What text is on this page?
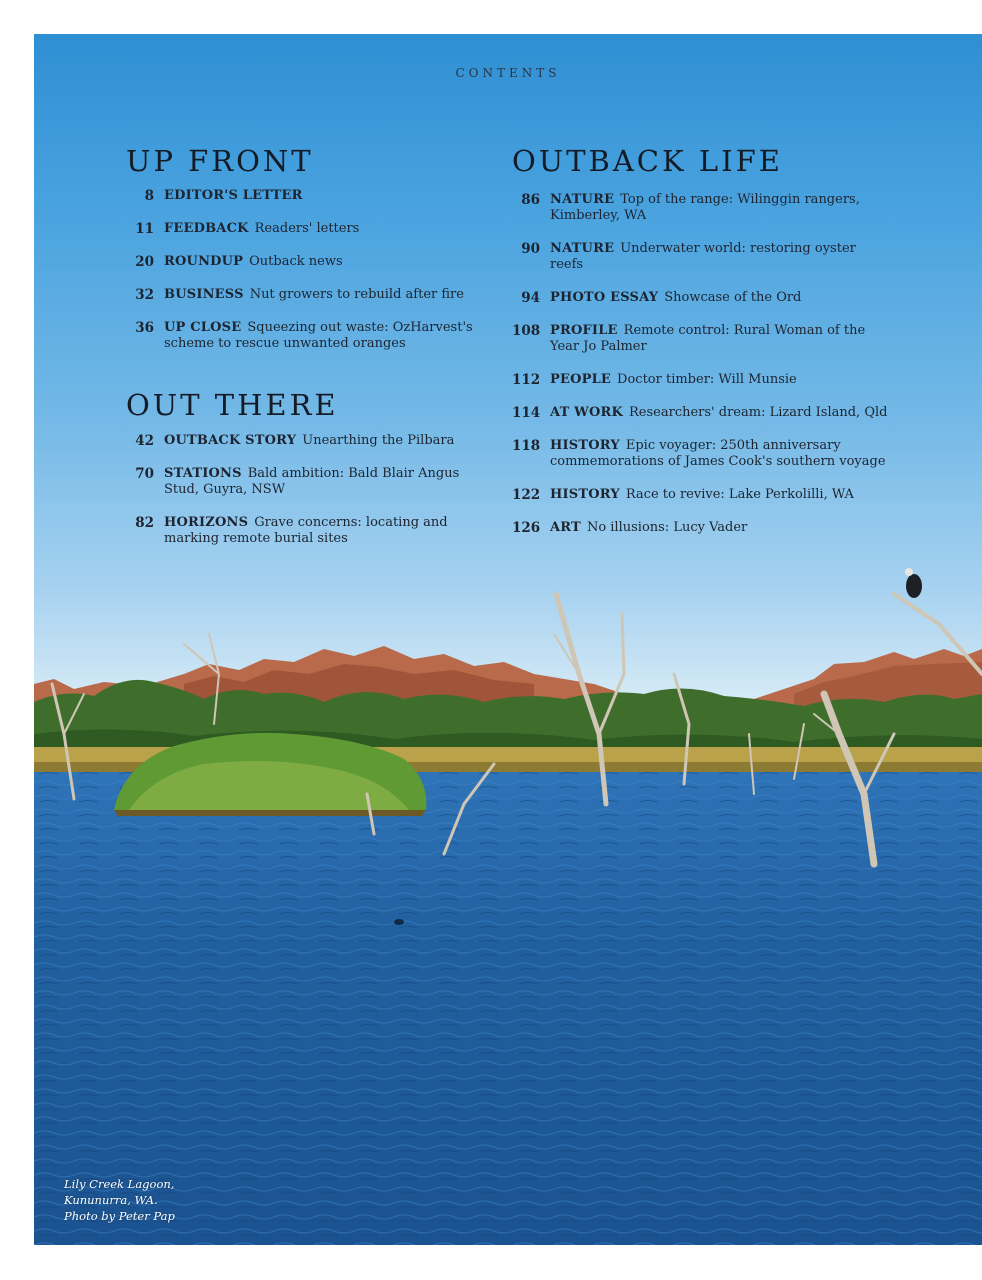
CONTENTS
UP FRONT
8 EDITOR'S LETTER
11 FEEDBACK Readers' letters
20 ROUNDUP Outback news
32 BUSINESS Nut growers to rebuild after fire
36 UP CLOSE Squeezing out waste: OzHarvest's scheme to rescue unwanted oranges
OUT THERE
42 OUTBACK STORY Unearthing the Pilbara
70 STATIONS Bald ambition: Bald Blair Angus Stud, Guyra, NSW
82 HORIZONS Grave concerns: locating and marking remote burial sites
OUTBACK LIFE
86 NATURE Top of the range: Wilinggin rangers, Kimberley, WA
90 NATURE Underwater world: restoring oyster reefs
94 PHOTO ESSAY Showcase of the Ord
108 PROFILE Remote control: Rural Woman of the Year Jo Palmer
112 PEOPLE Doctor timber: Will Munsie
114 AT WORK Researchers' dream: Lizard Island, Qld
118 HISTORY Epic voyager: 250th anniversary commemorations of James Cook's southern voyage
122 HISTORY Race to revive: Lake Perkolilli, WA
126 ART No illusions: Lucy Vader
Lily Creek Lagoon,
Kununurra, WA.
Photo by Peter Pap
